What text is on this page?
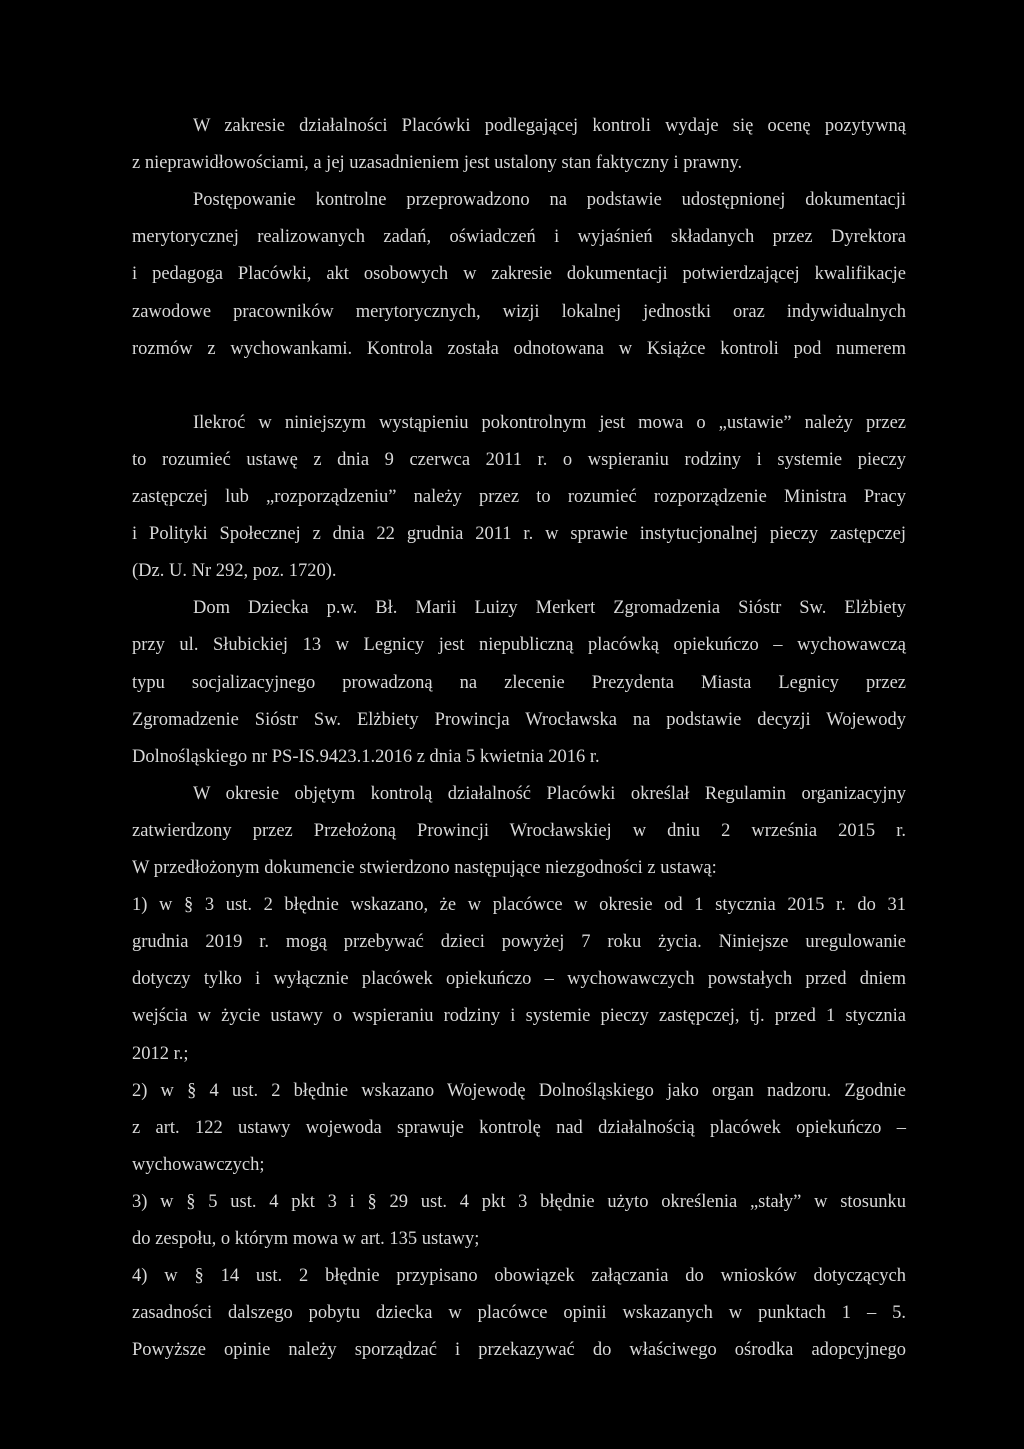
W zakresie działalności Placówki podlegającej kontroli wydaje się ocenę pozytywną
z nieprawidłowościami, a jej uzasadnieniem jest ustalony stan faktyczny i prawny.
Postępowanie kontrolne przeprowadzono na podstawie udostępnionej dokumentacji
merytorycznej realizowanych zadań, oświadczeń i wyjaśnień składanych przez Dyrektora
i pedagoga Placówki, akt osobowych w zakresie dokumentacji potwierdzającej kwalifikacje
zawodowe pracowników merytorycznych, wizji lokalnej jednostki oraz indywidualnych
rozmów z wychowankami. Kontrola została odnotowana w Książce kontroli pod numerem
Ilekroć w niniejszym wystąpieniu pokontrolnym jest mowa o „ustawie” należy przez
to rozumieć ustawę z dnia 9 czerwca 2011 r. o wspieraniu rodziny i systemie pieczy
zastępczej lub „rozporządzeniu” należy przez to rozumieć rozporządzenie Ministra Pracy
i Polityki Społecznej z dnia 22 grudnia 2011 r. w sprawie instytucjonalnej pieczy zastępczej
(Dz. U. Nr 292, poz. 1720).
Dom Dziecka p.w. Bł. Marii Luizy Merkert Zgromadzenia Sióstr Sw. Elżbiety
przy ul. Słubickiej 13 w Legnicy jest niepubliczną placówką opiekuńczo – wychowawczą
typu socjalizacyjnego prowadzoną na zlecenie Prezydenta Miasta Legnicy przez
Zgromadzenie Sióstr Sw. Elżbiety Prowincja Wrocławska na podstawie decyzji Wojewody
Dolnośląskiego nr PS-IS.9423.1.2016 z dnia 5 kwietnia 2016 r.
W okresie objętym kontrolą działalność Placówki określał Regulamin organizacyjny
zatwierdzony przez Przełożoną Prowincji Wrocławskiej w dniu 2 września 2015 r.
W przedłożonym dokumencie stwierdzono następujące niezgodności z ustawą:
1) w § 3 ust. 2 błędnie wskazano, że w placówce w okresie od 1 stycznia 2015 r. do 31
grudnia 2019 r. mogą przebywać dzieci powyżej 7 roku życia. Niniejsze uregulowanie
dotyczy tylko i wyłącznie placówek opiekuńczo – wychowawczych powstałych przed dniem
wejścia w życie ustawy o wspieraniu rodziny i systemie pieczy zastępczej, tj. przed 1 stycznia
2012 r.;
2) w § 4 ust. 2 błędnie wskazano Wojewodę Dolnośląskiego jako organ nadzoru. Zgodnie
z art. 122 ustawy wojewoda sprawuje kontrolę nad działalnością placówek opiekuńczo –
wychowawczych;
3) w § 5 ust. 4 pkt 3 i § 29 ust. 4 pkt 3 błędnie użyto określenia „stały” w stosunku
do zespołu, o którym mowa w art. 135 ustawy;
4) w § 14 ust. 2 błędnie przypisano obowiązek załączania do wniosków dotyczących
zasadności dalszego pobytu dziecka w placówce opinii wskazanych w punktach 1 – 5.
Powyższe opinie należy sporządzać i przekazywać do właściwego ośrodka adopcyjnego
